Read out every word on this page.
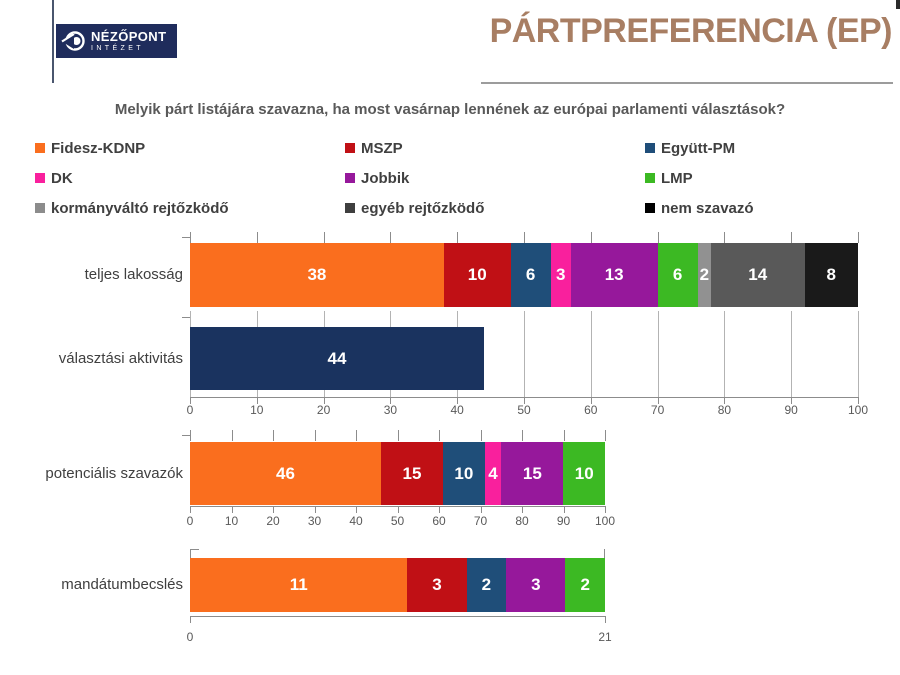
NÉZŐPONT
INTÉZET	PÁRTPREFERENCIA (EP)

Melyik párt listájára szavazna, ha most vasárnap lennének az európai parlamenti választások?

Fidesz-KDNP	MSZP	Együtt-PM
DK	Jobbik	LMP
kormányváltó rejtőzködő	egyéb rejtőzködő	nem szavazó
teljes lakosság	38	10 6 3 13	6 2 14	8
választási aktivitás	44
0	10	20	30	40	50	60	70	80	90	100
potenciális szavazók	46	15 10 4 15 10
0	10 20 30 40 50 60 70 80 90 100
mandátumbecslés	11	3 2 3 2
0	21
